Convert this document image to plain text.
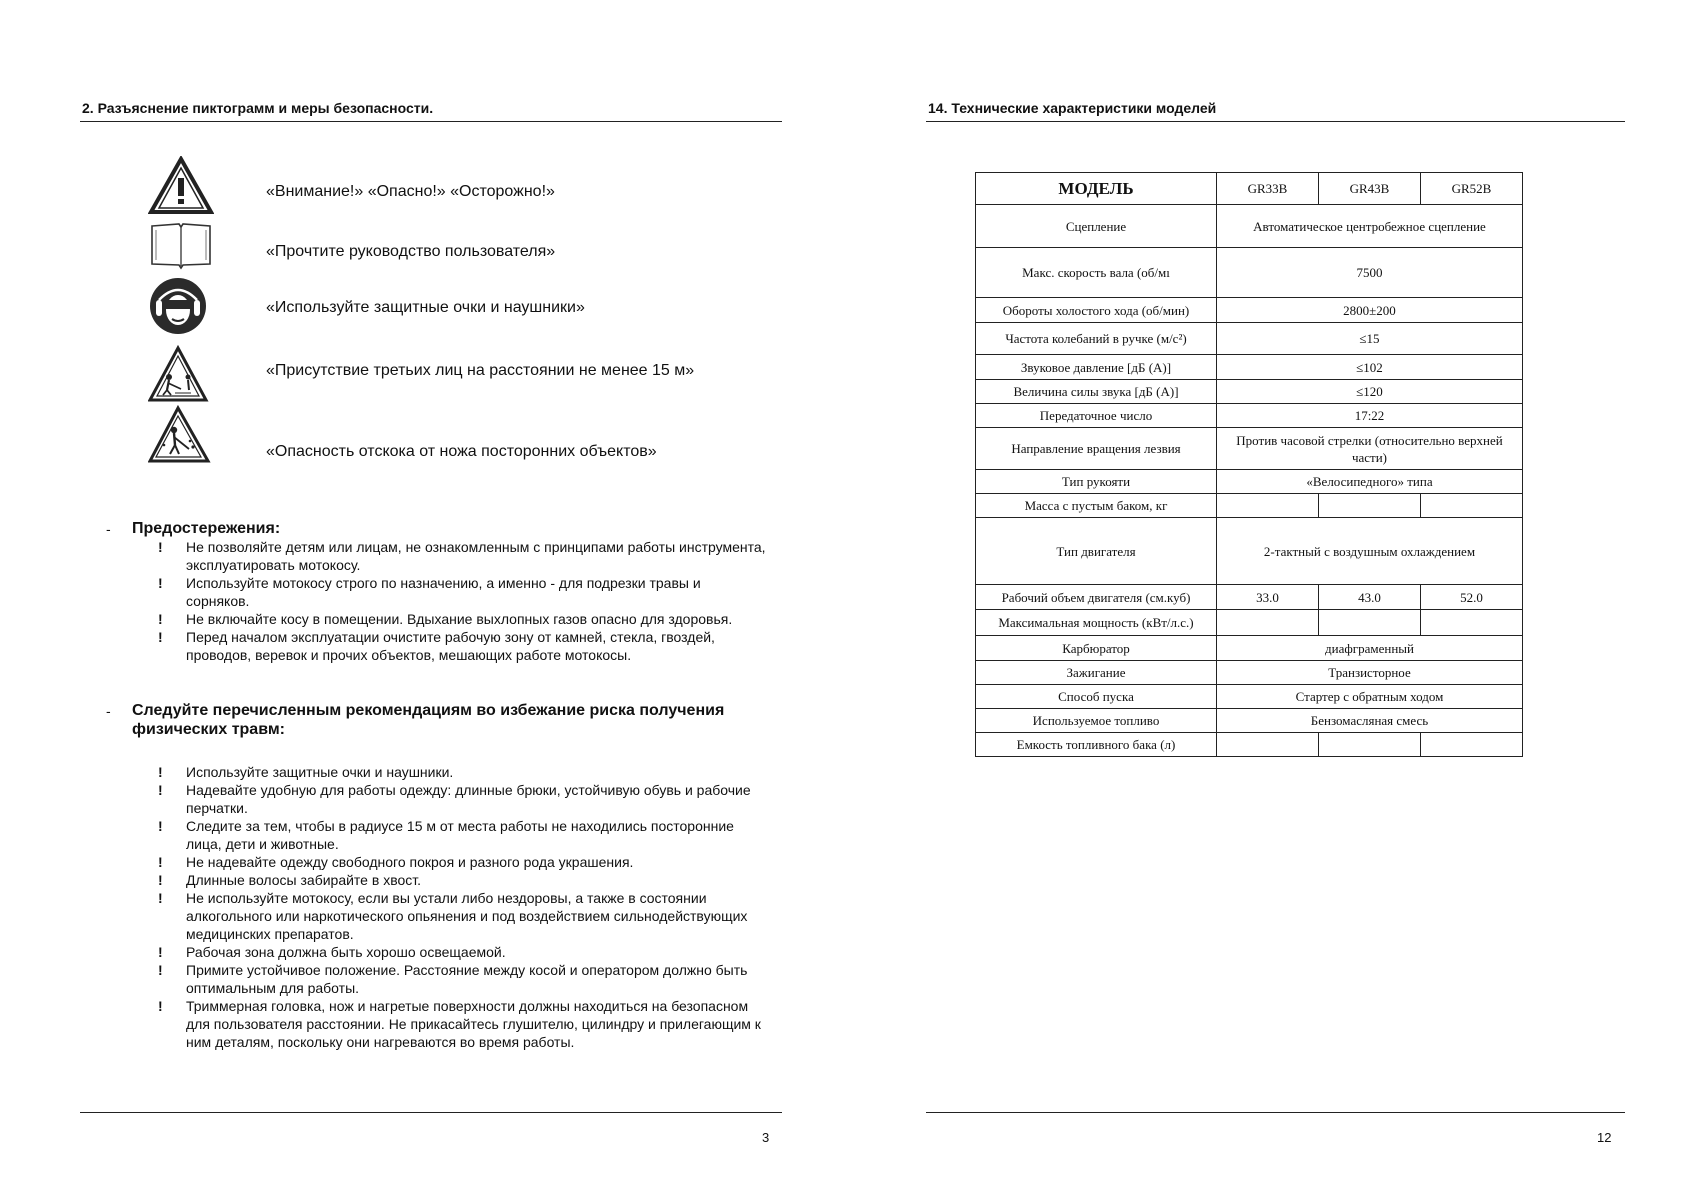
2. Разъяснение пиктограмм и меры безопасности.
«Внимание!» «Опасно!» «Осторожно!»
«Прочтите руководство пользователя»
«Используйте защитные очки и наушники»
«Присутствие третьих лиц на расстоянии не менее 15 м»
«Опасность отскока от ножа посторонних объектов»
- Предостережения:
!	Не позволяйте детям или лицам, не ознакомленным с принципами работы инструмента, эксплуатировать мотокосу.
!	Используйте мотокосу строго по назначению, а именно - для подрезки травы и сорняков.
!	Не включайте косу в помещении. Вдыхание выхлопных газов опасно для здоровья.
!	Перед началом эксплуатации очистите рабочую зону от камней, стекла, гвоздей, проводов, веревок и прочих объектов, мешающих работе мотокосы.
- Следуйте перечисленным рекомендациям во избежание риска получения физических травм:
!	Используйте защитные очки и наушники.
!	Надевайте удобную для работы одежду: длинные брюки, устойчивую обувь и рабочие перчатки.
!	Следите за тем, чтобы в радиусе 15 м от места работы не находились посторонние лица, дети и животные.
!	Не надевайте одежду свободного покроя и разного рода украшения.
!	Длинные волосы забирайте в хвост.
!	Не используйте мотокосу, если вы устали либо нездоровы, а также в состоянии алкогольного или наркотического опьянения и под воздействием сильнодействующих медицинских препаратов.
!	Рабочая зона должна быть хорошо освещаемой.
!	Примите устойчивое положение. Расстояние между косой и оператором должно быть оптимальным для работы.
!	Триммерная головка, нож и нагретые поверхности должны находиться на безопасном для пользователя расстоянии. Не прикасайтесь глушителю, цилиндру и прилегающим к ним деталям, поскольку они нагреваются во время работы.
3
14. Технические характеристики моделей
МОДЕЛЬ	GR33B	GR43B	GR52B
Сцепление	Автоматическое центробежное сцепление		
Макс. скорость вала (об/мı	7500		
Обороты холостого хода (об/мин)	2800±200		
Частота колебаний в ручке (м/с²)	≤15		
Звуковое давление [дБ (А)]	≤102		
Величина силы звука [дБ (А)]	≤120		
Передаточное число	17:22		
Направление вращения лезвия	Против часовой стрелки (относительно верхней части)		
Тип рукояти	«Велосипедного» типа		
Масса с пустым баком, кг			
Тип двигателя	2-тактный с воздушным охлаждением		
Рабочий объем двигателя (см.куб)	33.0	43.0	52.0
Максимальная мощность (кВт/л.с.)			
Карбюратор	диафграменный		
Зажигание	Транзисторное		
Способ пуска	Стартер с обратным ходом		
Используемое топливо	Бензомасляная смесь		
Емкость топливного бака (л)			
12
